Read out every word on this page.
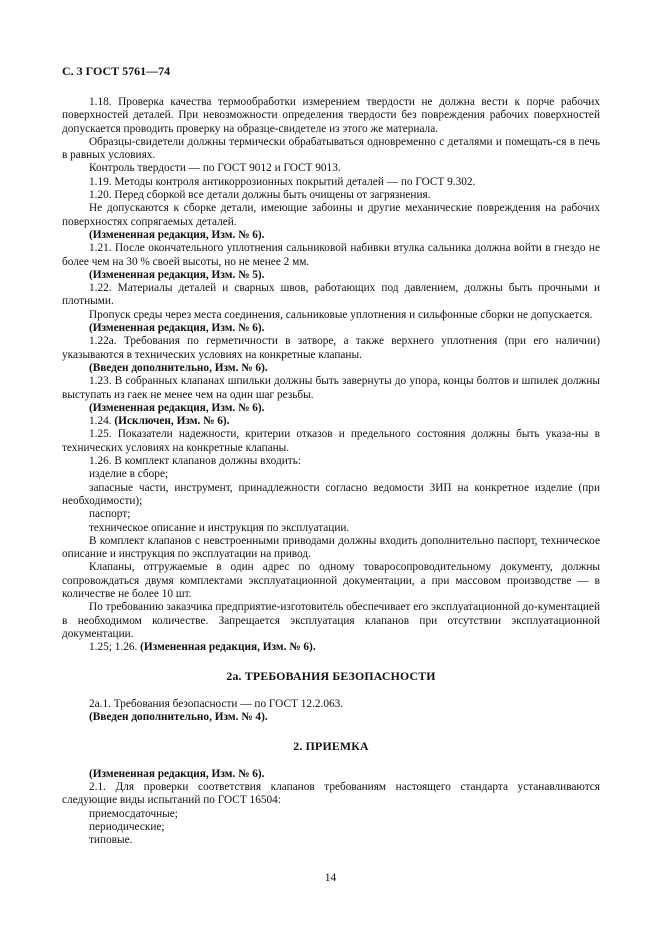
С. 3 ГОСТ 5761—74

1.18. Проверка качества термообработки измерением твердости не должна вести к порче рабочих поверхностей деталей. При невозможности определения твердости без повреждения рабочих поверхностей допускается проводить проверку на образце-свидетеле из этого же материала.

Образцы-свидетели должны термически обрабатываться одновременно с деталями и помещать-ся в печь в равных условиях.

Контроль твердости — по ГОСТ 9012 и ГОСТ 9013.

1.19. Методы контроля антикоррозионных покрытий деталей — по ГОСТ 9.302.

1.20. Перед сборкой все детали должны быть очищены от загрязнения.

Не допускаются к сборке детали, имеющие забоины и другие механические повреждения на рабочих поверхностях сопрягаемых деталей.

(Измененная редакция, Изм. № 6).

1.21. После окончательного уплотнения сальниковой набивки втулка сальника должна войти в гнездо не более чем на 30 % своей высоты, но не менее 2 мм.

(Измененная редакция, Изм. № 5).

1.22. Материалы деталей и сварных швов, работающих под давлением, должны быть прочными и плотными.

Пропуск среды через места соединения, сальниковые уплотнения и сильфонные сборки не допускается.

(Измененная редакция, Изм. № 6).

1.22а. Требования по герметичности в затворе, а также верхнего уплотнения (при его наличии) указываются в технических условиях на конкретные клапаны.

(Введен дополнительно, Изм. № 6).

1.23. В собранных клапанах шпильки должны быть завернуты до упора, концы болтов и шпилек должны выступать из гаек не менее чем на один шаг резьбы.

(Измененная редакция, Изм. № 6).

1.24. (Исключен, Изм. № 6).

1.25. Показатели надежности, критерии отказов и предельного состояния должны быть указа-ны в технических условиях на конкретные клапаны.

1.26. В комплект клапанов должны входить:

изделие в сборе;

запасные части, инструмент, принадлежности согласно ведомости ЗИП на конкретное изделие (при необходимости);

паспорт;

техническое описание и инструкция по эксплуатации.

В комплект клапанов с невстроенными приводами должны входить дополнительно паспорт, техническое описание и инструкция по эксплуатации на привод.

Клапаны, отгружаемые в один адрес по одному товаросопроводительному документу, должны сопровождаться двумя комплектами эксплуатационной документации, а при массовом производстве — в количестве не более 10 шт.

По требованию заказчика предприятие-изготовитель обеспечивает его эксплуатационной до-кументацией в необходимом количестве. Запрещается эксплуатация клапанов при отсутствии эксплуатационной документации.

1.25; 1.26. (Измененная редакция, Изм. № 6).

2а. ТРЕБОВАНИЯ БЕЗОПАСНОСТИ

2а.1. Требования безопасности — по ГОСТ 12.2.063.

(Введен дополнительно, Изм. № 4).

2. ПРИЕМКА

(Измененная редакция, Изм. № 6).

2.1. Для проверки соответствия клапанов требованиям настоящего стандарта устанавливаются следующие виды испытаний по ГОСТ 16504:

приемосдаточные;

периодические;

типовые.

14
